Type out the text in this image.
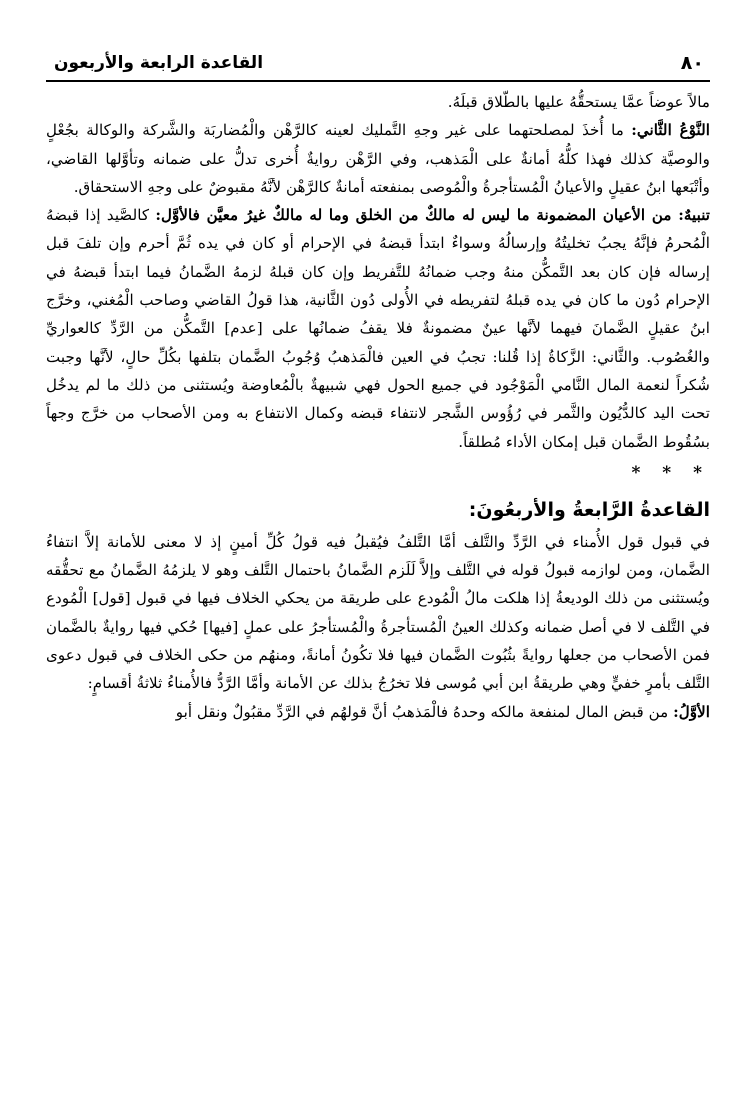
٨٠
القاعدة الرابعة والأربعون

مالاً عوضاً عمَّا يستحقُّهُ عليها بالطّلاق قبلَهُ.

النَّوْعُ الثَّاني: ما أُخذَ لمصلحتهما على غير وجهِ التَّمليك لعينه كالرَّهْن والْمُضاربَة والشَّركة والوكالة بجُعْلٍ والوصيَّة كذلك فهذا كلُّهُ أمانةٌ على الْمَذهب، وفي الرَّهْن روايةٌ أُخرى تدلُّ على ضمانه وتأوَّلها القاضي، وأتْبَعها ابنُ عقيلٍ والأعيانُ الْمُستأجرةُ والْمُوصى بمنفعته أمانةٌ كالرَّهْن لأنَّهُ مقبوضٌ على وجهِ الاستحقاق.

تنبيهٌ: من الأعيان المضمونة ما ليس له مالكٌ من الخلق وما له مالكٌ غيرُ معيَّن فالأوَّل: كالصَّيد إذا قبضهُ الْمُحرمُ فإنَّهُ يجبُ تخليتُهُ وإرسالُهُ وسواءٌ ابتدأ قبضهُ في الإحرام أو كان في يده ثُمَّ أحرم وإن تلفَ قبل إرساله فإن كان بعد التَّمكُّن منهُ وجب ضمانُهُ للتَّفريط وإن كان قبلهُ لزمهُ الضَّمانُ فيما ابتدأ قبضهُ في الإحرام دُون ما كان في يده قبلهُ لتفريطه في الأُولى دُون الثَّانية، هذا قولُ القاضي وصاحب الْمُغني، وخرَّج ابنُ عقيلٍ الضَّمانَ فيهما لأنَّها عينٌ مضمونةٌ فلا يقفُ ضمانُها على [عدم] التَّمكُّن من الرَّدِّ كالعواريِّ والغُصُوب. والثَّاني: الزَّكاةُ إذا قُلنا: تجبُ في العين فالْمَذهبُ وُجُوبُ الضَّمان بتلفها بكُلِّ حالٍ، لأنَّها وجبت شُكراً لنعمة المال النَّامي الْمَوْجُود في جميع الحول فهي شبيهةٌ بالْمُعاوضة ويُستثنى من ذلك ما لم يدخُل تحت اليد كالدُّيُون والثَّمر في رُؤُوس الشَّجر لانتفاء قبضه وكمال الانتفاع به ومن الأصحاب من خرَّج وجهاً بسُقُوط الضَّمان قبل إمكان الأداء مُطلقاً.

* * *
القاعدةُ الرَّابعةُ والأربعُونَ:

في قبول قول الأُمناء في الرَّدِّ والتَّلف أمَّا التَّلفُ فيُقبلُ فيه قولُ كُلِّ أمينٍ إذ لا معنى للأمانة إلاَّ انتفاءُ الضَّمان، ومن لوازمه قبولُ قوله في التَّلف وإلاَّ لَلَزم الضَّمانُ باحتمال التَّلف وهو لا يلزمُهُ الضَّمانُ مع تحقُّقه ويُستثنى من ذلك الوديعةُ إذا هلكت مالُ الْمُودع على طريقة من يحكي الخلاف فيها في قبول [قول] الْمُودع في التَّلف لا في أصل ضمانه وكذلك العينُ الْمُستأجرةُ والْمُستأجرُ على عملٍ [فيها] حُكي فيها روايةٌ بالضَّمان فمن الأصحاب من جعلها روايةً بثُبُوت الضَّمان فيها فلا تكُونُ أمانةً، ومنهُم من حكى الخلاف في قبول دعوى التَّلف بأمرٍ خفيٍّ وهي طريقةُ ابن أبي مُوسى فلا تخرُجُ بذلك عن الأمانة وأمَّا الرَّدُّ فالأُمناءُ ثلاثةُ أقسامٍ:

الأوَّلُ: من قبض المال لمنفعة مالكه وحدهُ فالْمَذهبُ أنَّ قولهُم في الرَّدِّ مقبُولٌ ونقل أبو
